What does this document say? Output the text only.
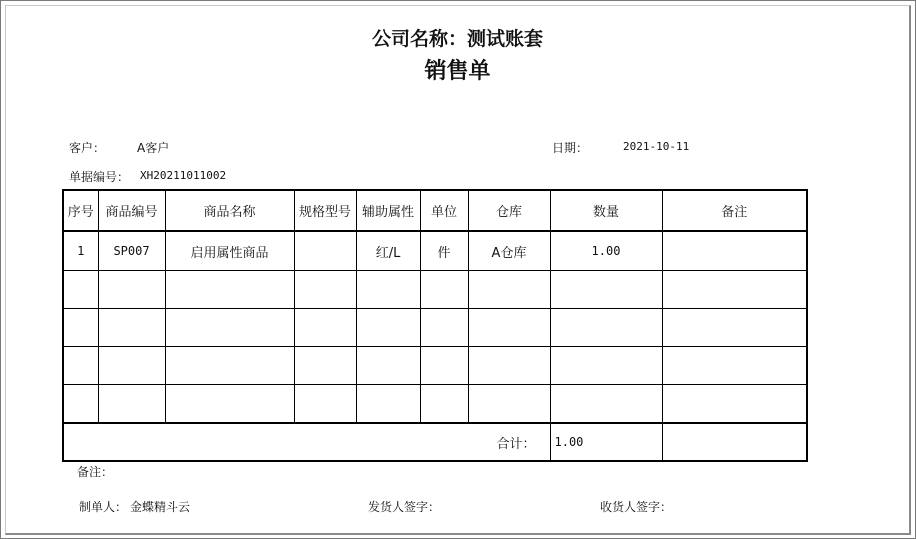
公司名称：测试账套
销售单
客户：	A客户	日期：	2021-10-11
单据编号： XH20211011002
序号	商品编号	商品名称	规格型号	辅助属性	单位	仓库	数量	备注
1	SP007	启用属性商品		红/L	件	A仓库	1.00	

合计：							1.00	
备注：
制单人： 金蝶精斗云	发货人签字：	收货人签字：
